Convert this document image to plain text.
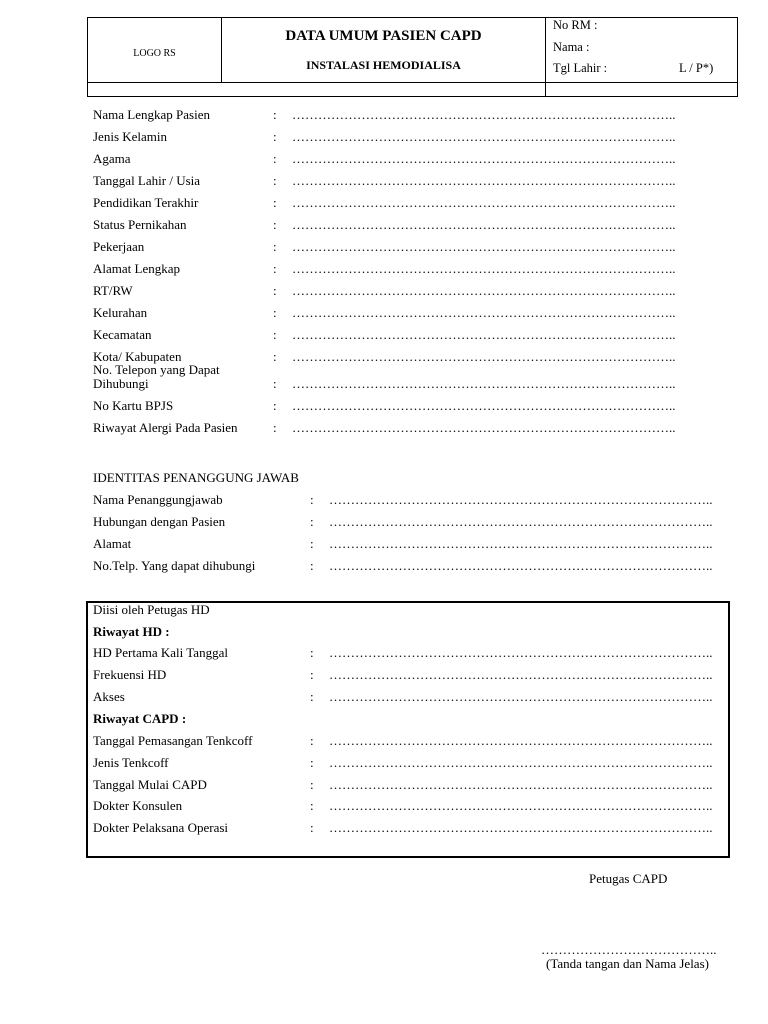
LOGO RS
DATA UMUM PASIEN CAPD
INSTALASI HEMODIALISA
No RM :
Nama :
Tgl Lahir :	L / P*)
Nama Lengkap Pasien	: ……………………………………………………………………………..
Jenis Kelamin	: ……………………………………………………………………………..
Agama	: ……………………………………………………………………………..
Tanggal Lahir / Usia	: ……………………………………………………………………………..
Pendidikan Terakhir	: ……………………………………………………………………………..
Status Pernikahan	: ……………………………………………………………………………..
Pekerjaan	: ……………………………………………………………………………..
Alamat Lengkap	: ……………………………………………………………………………..
RT/RW	: ……………………………………………………………………………..
Kelurahan	: ……………………………………………………………………………..
Kecamatan	: ……………………………………………………………………………..
Kota/ Kabupaten	: ……………………………………………………………………………..
No. Telepon yang Dapat
Dihubungi	: ……………………………………………………………………………..
No Kartu BPJS	: ……………………………………………………………………………..
Riwayat Alergi Pada Pasien	: ……………………………………………………………………………..
IDENTITAS PENANGGUNG JAWAB
Nama Penanggungjawab	: ……………………………………………………………………………..
Hubungan dengan Pasien	: ……………………………………………………………………………..
Alamat	: ……………………………………………………………………………..
No.Telp. Yang dapat dihubungi	: ……………………………………………………………………………..
Diisi oleh Petugas HD
Riwayat HD :
HD Pertama Kali Tanggal	: ……………………………………………………………………………..
Frekuensi HD	: ……………………………………………………………………………..
Akses	: ……………………………………………………………………………..
Riwayat CAPD :
Tanggal Pemasangan Tenkcoff	: ……………………………………………………………………………..
Jenis Tenkcoff	: ……………………………………………………………………………..
Tanggal Mulai CAPD	: ……………………………………………………………………………..
Dokter Konsulen	: ……………………………………………………………………………..
Dokter Pelaksana Operasi	: ……………………………………………………………………………..
Petugas CAPD
…………………………………..
(Tanda tangan dan Nama Jelas)
